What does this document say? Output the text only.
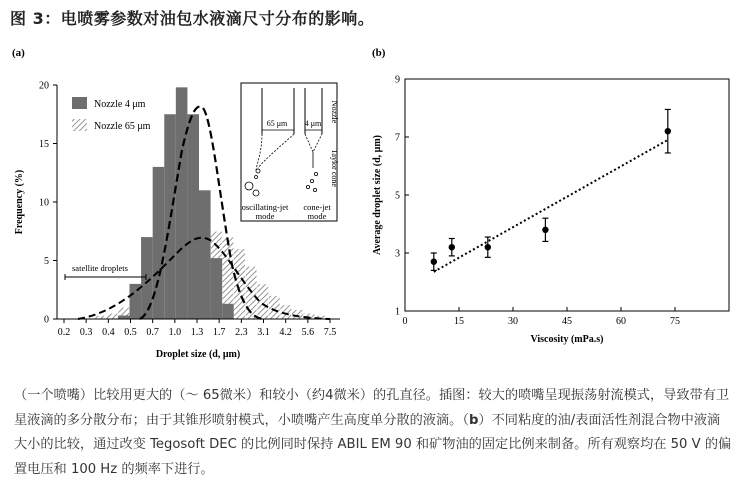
图 3：电喷雾参数对油包水液滴尺寸分布的影响。
(a)
0
5
10
15
20
0.2 0.3 0.4 0.5 0.7 1.0 1.3 1.7 2.3 3.1 4.2 5.6 7.5
Nozzle 4 μm
Nozzle 65 μm
satellite droplets
Droplet size (d, μm)
Frequency (%)
65 μm 4 μm
Nozzle
Taylor cone
oscillating-jet
mode
cone-jet
mode
(b)
1
3
5
7
9
0	15	30	45	60	75
Viscosity (mPa.s)
Average droplet size (d, μm)
（一个喷嘴）比较用更大的（～ 65微米）和较小（约4微米）的孔直径。插图：较大的喷嘴呈现振荡射流模式，导致带有卫星液滴的多分散分布；由于其锥形喷射模式，小喷嘴产生高度单分散的液滴。（b）不同粘度的油/表面活性剂混合物中液滴大小的比较，通过改变 Tegosoft DEC 的比例同时保持 ABIL EM 90 和矿物油的固定比例来制备。所有观察均在 50 V 的偏置电压和 100 Hz 的频率下进行。
